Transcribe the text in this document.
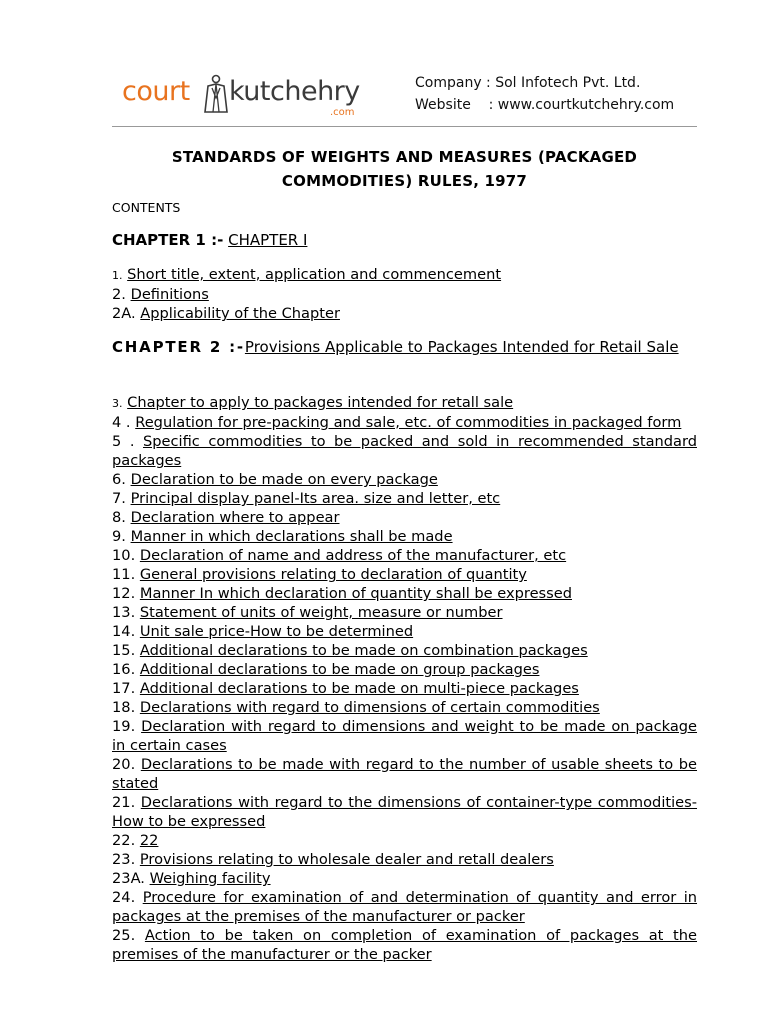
court kutchehry
.com
Company : Sol Infotech Pvt. Ltd.
Website    : www.courtkutchehry.com
STANDARDS OF WEIGHTS AND MEASURES (PACKAGED
COMMODITIES) RULES, 1977
CONTENTS
CHAPTER 1 :- CHAPTER I
1. Short title, extent, application and commencement
2. Definitions
2A. Applicability of the Chapter
CHAPTER 2 :-Provisions Applicable to Packages Intended for Retail Sale
3. Chapter to apply to packages intended for retall sale
4 . Regulation for pre-packing and sale, etc. of commodities in packaged form
5 . Specific commodities to be packed and sold in recommended standard packages
6. Declaration to be made on every package
7. Principal display panel-Its area. size and letter, etc
8. Declaration where to appear
9. Manner in which declarations shall be made
10. Declaration of name and address of the manufacturer, etc
11. General provisions relating to declaration of quantity
12. Manner In which declaration of quantity shall be expressed
13. Statement of units of weight, measure or number
14. Unit sale price-How to be determined
15. Additional declarations to be made on combination packages
16. Additional declarations to be made on group packages
17. Additional declarations to be made on multi-piece packages
18. Declarations with regard to dimensions of certain commodities
19. Declaration with regard to dimensions and weight to be made on package in certain cases
20. Declarations to be made with regard to the number of usable sheets to be stated
21. Declarations with regard to the dimensions of container-type commodities-How to be expressed
22. 22
23. Provisions relating to wholesale dealer and retall dealers
23A. Weighing facility
24. Procedure for examination of and determination of quantity and error in packages at the premises of the manufacturer or packer
25. Action to be taken on completion of examination of packages at the premises of the manufacturer or the packer
